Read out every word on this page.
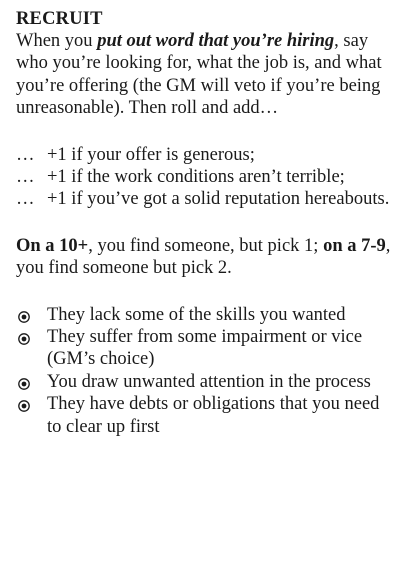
RECRUIT

When you put out word that you’re hiring, say who you’re looking for, what the job is, and what you’re offering (the GM will veto if you’re being unreasonable). Then roll and add…

… +1 if your offer is generous;
… +1 if the work conditions aren’t terrible;
… +1 if you’ve got a solid reputation hereabouts.

On a 10+, you find someone, but pick 1; on a 7-9, you find someone but pick 2.

They lack some of the skills you wanted
They suffer from some impairment or vice (GM’s choice)
You draw unwanted attention in the process
They have debts or obligations that you need to clear up first
